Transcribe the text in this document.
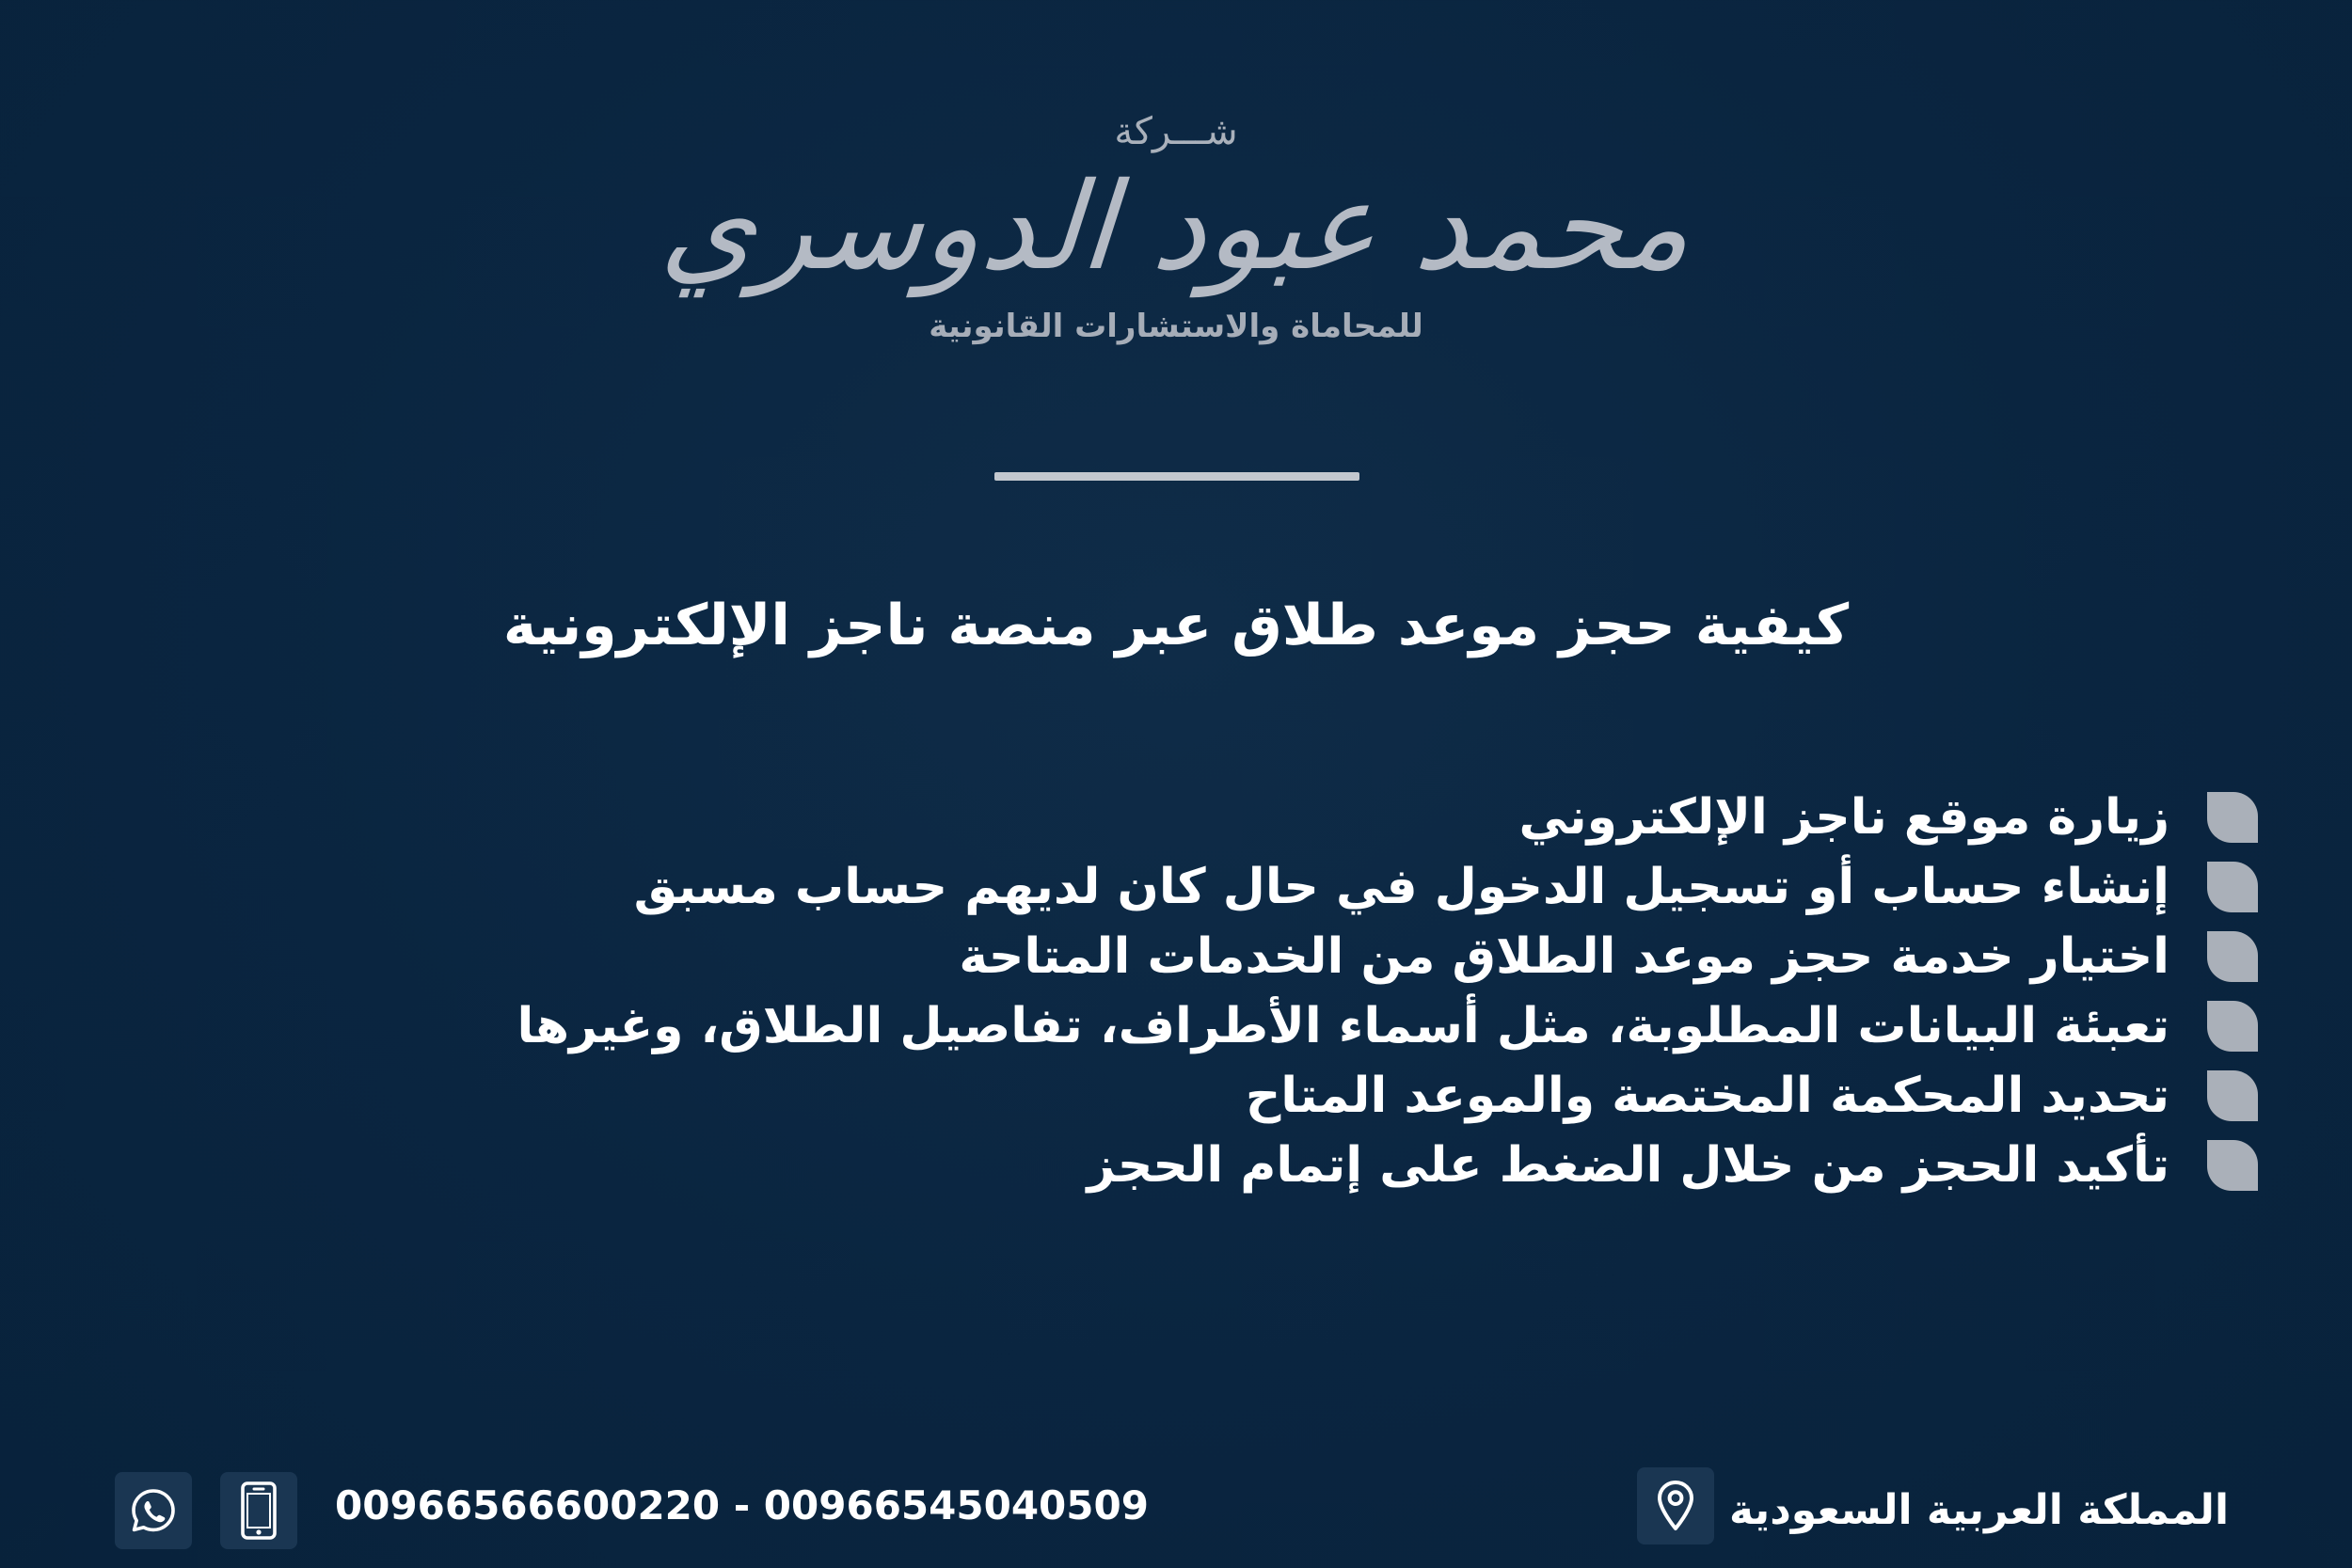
شـــركة
محمد عبود الدوسري
للمحاماة والاستشارات القانونية
كيفية حجز موعد طلاق عبر منصة ناجز الإلكترونية
زيارة موقع ناجز الإلكتروني
إنشاء حساب أو تسجيل الدخول في حال كان لديهم حساب مسبق
اختيار خدمة حجز موعد الطلاق من الخدمات المتاحة
تعبئة البيانات المطلوبة، مثل أسماء الأطراف، تفاصيل الطلاق، وغيرها
تحديد المحكمة المختصة والموعد المتاح
تأكيد الحجز من خلال الضغط على إتمام الحجز
00966566600220 - 00966545040509	المملكة العربية السعودية
